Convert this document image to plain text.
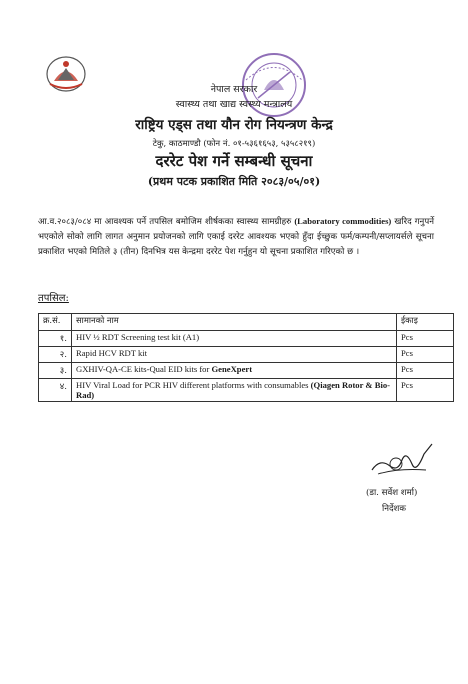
नेपाल सरकार
स्वास्थ्य तथा खाद्य स्वस्थ्य मन्त्रालय
राष्ट्रिय एड्स तथा यौन रोग नियन्त्रण केन्द्र
टेकु, काठमाण्डौ (फोन नं. ०१-५३६१६५३, ५३५८२१९)
दररेट पेश गर्ने सम्बन्धी सूचना
(प्रथम पटक प्रकाशित मिति २०८३/०५/०१)
आ.व.२०८३/०८४ मा आवश्यक पर्ने तपसिल बमोजिम शीर्षकका स्वास्थ्य सामग्रीहरु (Laboratory commodities) खरिद गनुपर्ने भएकोले सोको लागि लागत अनुमान प्रयोजनको लागि एकाई दररेट आवश्यक भएको हुँदा ईच्छुक फर्म/कम्पनी/सप्लायर्सले सूचना प्रकाशित भएको मितिले ३ (तीन) दिनभित्र यस केन्द्रमा दररेट पेश गर्नुहुन यो सूचना प्रकाशित गरिएको छ ।
तपसिल:
क्र.सं.	सामानको नाम	ईकाइ
१.	HIV ½ RDT Screening test kit (A1)	Pcs
२.	Rapid HCV RDT kit	Pcs
३.	GXHIV-QA-CE kits-Qual EID kits for GeneXpert	Pcs
४.	HIV Viral Load for PCR HIV different platforms with consumables (Qiagen Rotor & Bio-Rad)	Pcs
(डा. सर्वेश शर्मा)
निर्देशक
